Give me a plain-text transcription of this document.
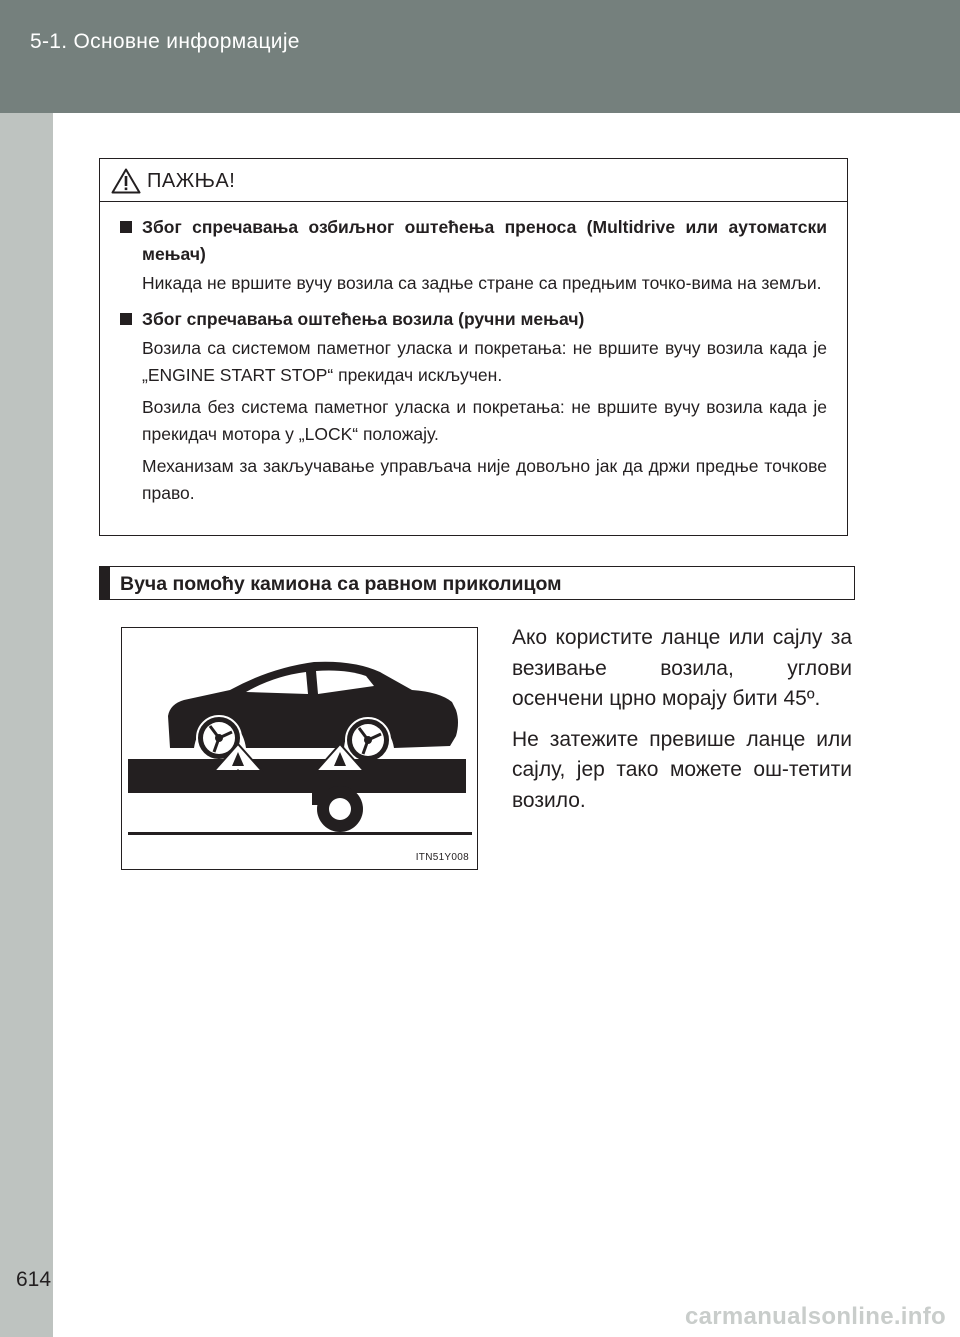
5-1. Основне информације
614
ПАЖЊА!
Због спречавања озбиљног оштећења преноса (Multidrive или аутоматски мењач)
Никада не вршите вучу возила са задње стране са предњим точко-вима на земљи.
Због спречавања оштећења возила (ручни мењач)
Возила са системом паметног уласка и покретања: не вршите вучу возила када је „ENGINE START STOP“ прекидач искључен.
Возила без система паметног уласка и покретања: не вршите вучу возила када је прекидач мотора у „LOCK“ положају.
Механизам за закључавање управљача није довољно јак да држи предње точкове право.
Вуча помоћу камиона са равном приколицом
ITN51Y008

Ако користите ланце или сајлу за везивање возила, углови осенчени црно морају бити 45º.

Не затежите превише ланце или сајлу, јер тако можете ош-тетити возило.

carmanualsonline.info
